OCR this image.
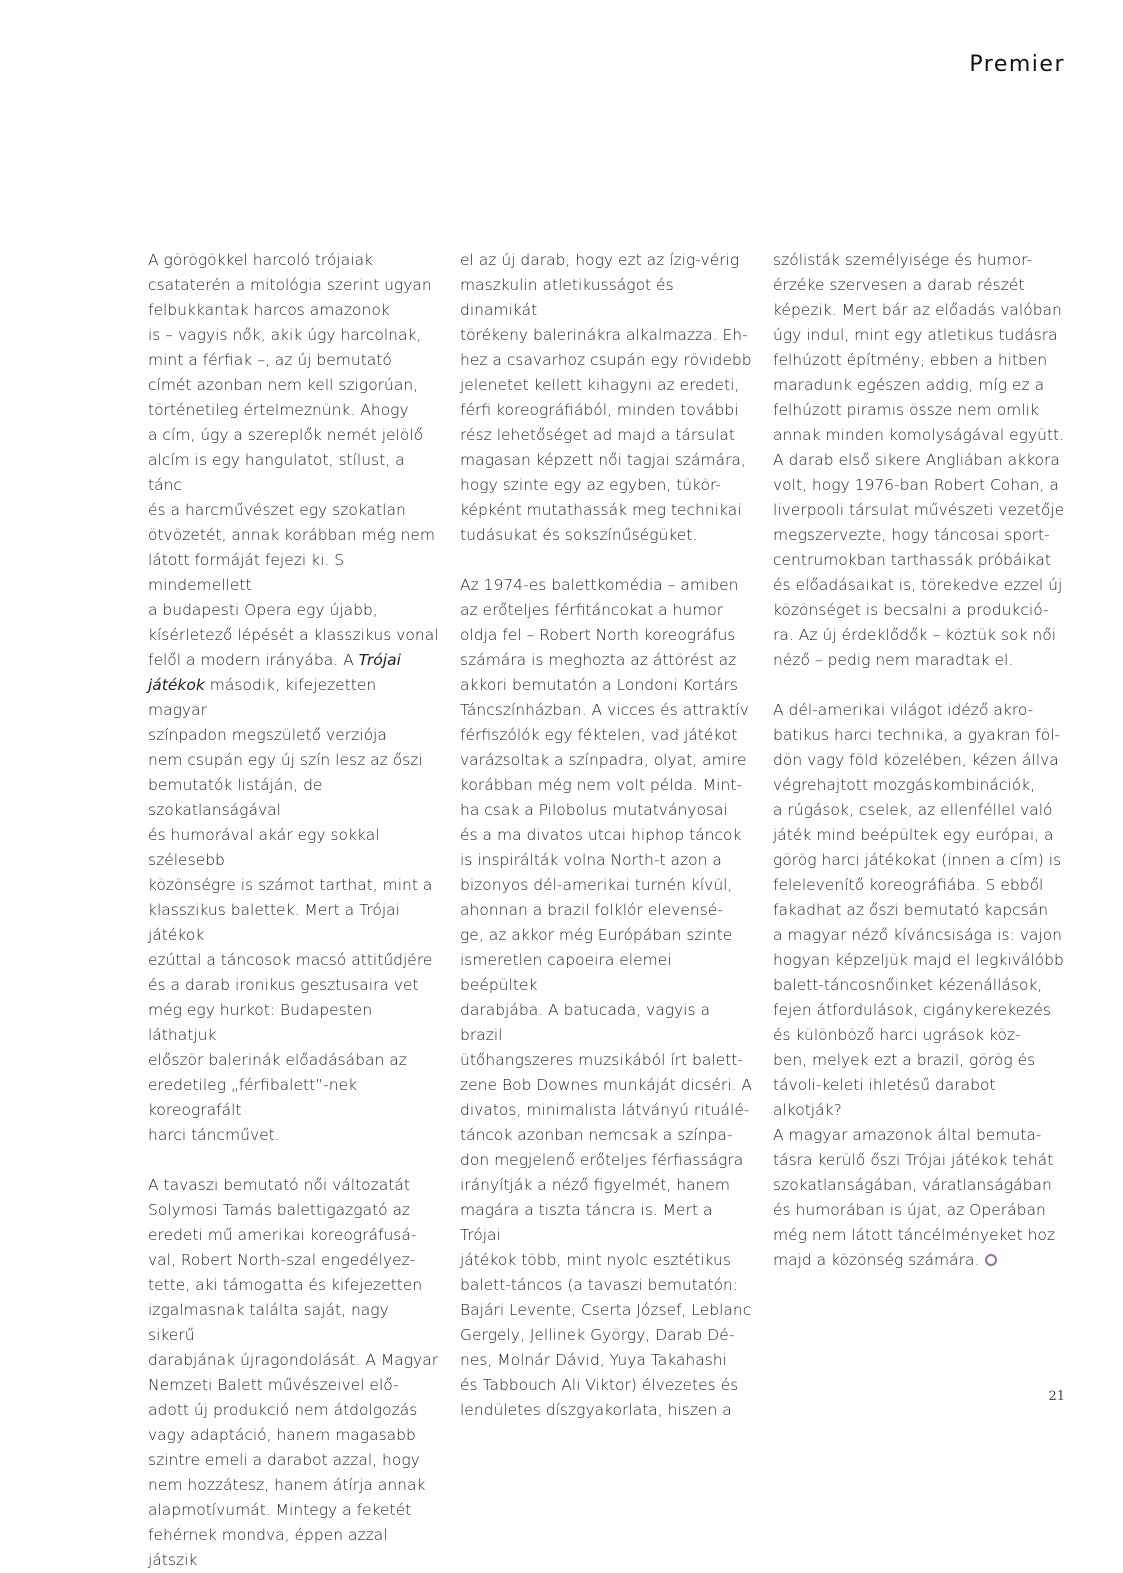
Premier

A görögökkel harcoló trójaiak
csataterén a mitológia szerint ugyan
felbukkantak harcos amazonok
is – vagyis nők, akik úgy harcolnak,
mint a férfiak –, az új bemutató
címét azonban nem kell szigorúan,
történetileg értelmeznünk. Ahogy
a cím, úgy a szereplők nemét jelölő
alcím is egy hangulatot, stílust, a tánc
és a harcművészet egy szokatlan
ötvözetét, annak korábban még nem
látott formáját fejezi ki. S mindemellett
a budapesti Opera egy újabb,
kísérletező lépését a klasszikus vonal
felől a modern irányába. A Trójai
játékok második, kifejezetten magyar
színpadon megszülető verziója
nem csupán egy új szín lesz az őszi
bemutatók listáján, de szokatlanságával
és humorával akár egy sokkal szélesebb
közönségre is számot tarthat, mint a
klasszikus balettek. Mert a Trójai játékok
ezúttal a táncosok macsó attitűdjére
és a darab ironikus gesztusaira vet
még egy hurkot: Budapesten láthatjuk
először balerinák előadásában az
eredetileg „férfibalett”-nek koreografált
harci táncművet.

A tavaszi bemutató női változatát
Solymosi Tamás balettigazgató az
eredeti mű amerikai koreográfusá-
val, Robert North-szal engedélyez-
tette, aki támogatta és kifejezetten
izgalmasnak találta saját, nagy sikerű
darabjának újragondolását. A Magyar
Nemzeti Balett művészeivel elő-
adott új produkció nem átdolgozás
vagy adaptáció, hanem magasabb
szintre emeli a darabot azzal, hogy
nem hozzátesz, hanem átírja annak
alapmotívumát. Mintegy a feketét
fehérnek mondva, éppen azzal játszik

el az új darab, hogy ezt az ízig-vérig
maszkulin atletikusságot és dinamikát
törékeny balerinákra alkalmazza. Eh-
hez a csavarhoz csupán egy rövidebb
jelenetet kellett kihagyni az eredeti,
férfi koreográfiából, minden további
rész lehetőséget ad majd a társulat
magasan képzett női tagjai számára,
hogy szinte egy az egyben, tükör-
képként mutathassák meg technikai
tudásukat és sokszínűségüket.

Az 1974-es balettkomédia – amiben
az erőteljes férfitáncokat a humor
oldja fel – Robert North koreográfus
számára is meghozta az áttörést az
akkori bemutatón a Londoni Kortárs
Táncszínházban. A vicces és attraktív
férfiszólók egy féktelen, vad játékot
varázsoltak a színpadra, olyat, amire
korábban még nem volt példa. Mint-
ha csak a Pilobolus mutatványosai
és a ma divatos utcai hiphop táncok
is inspirálták volna North-t azon a
bizonyos dél-amerikai turnén kívül,
ahonnan a brazil folklór elevensé-
ge, az akkor még Európában szinte
ismeretlen capoeira elemei beépültek
darabjába. A batucada, vagyis a brazil
ütőhangszeres muzsikából írt balett-
zene Bob Downes munkáját dicséri. A
divatos, minimalista látványú rituálé-
táncok azonban nemcsak a színpa-
don megjelenő erőteljes férfiasságra
irányítják a néző figyelmét, hanem
magára a tiszta táncra is. Mert a Trójai
játékok több, mint nyolc esztétikus
balett-táncos (a tavaszi bemutatón:
Bajári Levente, Cserta József, Leblanc
Gergely, Jellinek György, Darab Dé-
nes, Molnár Dávid, Yuya Takahashi
és Tabbouch Ali Viktor) élvezetes és
lendületes díszgyakorlata, hiszen a

szólisták személyisége és humor-
érzéke szervesen a darab részét
képezik. Mert bár az előadás valóban
úgy indul, mint egy atletikus tudásra
felhúzott építmény, ebben a hitben
maradunk egészen addig, míg ez a
felhúzott piramis össze nem omlik
annak minden komolyságával együtt.
A darab első sikere Angliában akkora
volt, hogy 1976-ban Robert Cohan, a
liverpooli társulat művészeti vezetője
megszervezte, hogy táncosai sport-
centrumokban tarthassák próbáikat
és előadásaikat is, törekedve ezzel új
közönséget is becsalni a produkció-
ra. Az új érdeklődők – köztük sok női
néző – pedig nem maradtak el.

A dél-amerikai világot idéző akro-
batikus harci technika, a gyakran föl-
dön vagy föld közelében, kézen állva
végrehajtott mozgáskombinációk,
a rúgások, cselek, az ellenféllel való
játék mind beépültek egy európai, a
görög harci játékokat (innen a cím) is
felelevenítő koreográfiába. S ebből
fakadhat az őszi bemutató kapcsán
a magyar néző kíváncsisága is: vajon
hogyan képzeljük majd el legkiválóbb
balett-táncosnőinket kézenállások,
fejen átfordulások, cigánykerekezés
és különböző harci ugrások köz-
ben, melyek ezt a brazil, görög és
távoli-keleti ihletésű darabot alkotják?
A magyar amazonok által bemuta-
tásra kerülő őszi Trójai játékok tehát
szokatlanságában, váratlanságában
és humorában is újat, az Operában
még nem látott táncélményeket hoz
majd a közönség számára.

21
